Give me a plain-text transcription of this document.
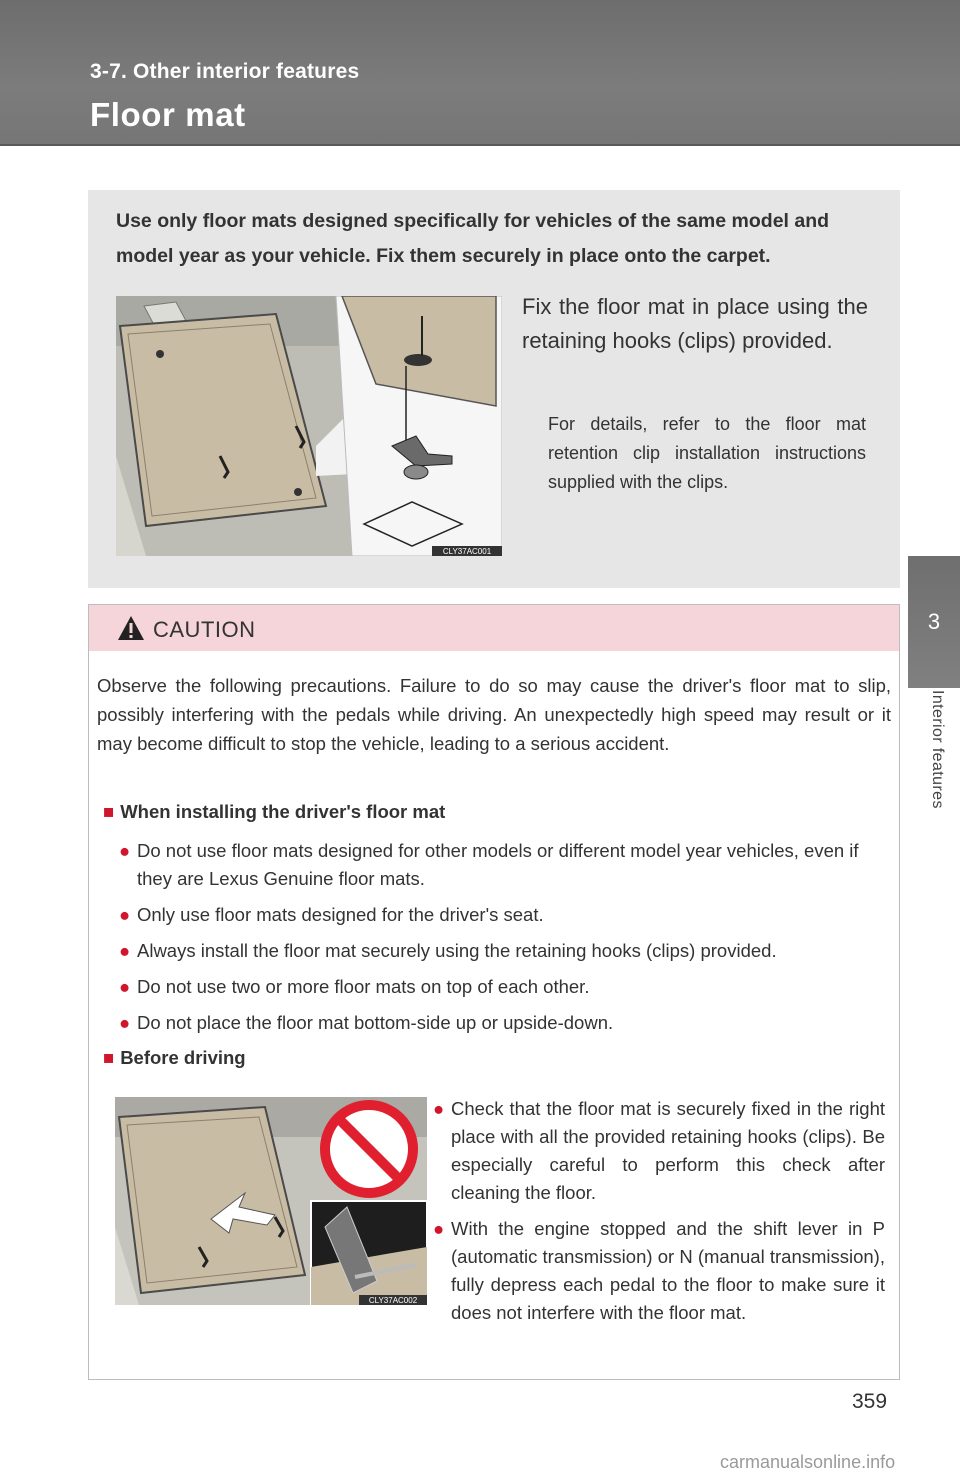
3-7. Other interior features
Floor mat
3
Interior features
Use only floor mats designed specifically for vehicles of the same model and model year as your vehicle. Fix them securely in place onto the carpet.
CLY37AC001
Fix the floor mat in place using the retaining hooks (clips) provided.
For details, refer to the floor mat retention clip installation instructions supplied with the clips.
CAUTION
Observe the following precautions. Failure to do so may cause the driver's floor mat to slip, possibly interfering with the pedals while driving. An unexpectedly high speed may result or it may become difficult to stop the vehicle, leading to a serious accident.
■ When installing the driver's floor mat
● Do not use floor mats designed for other models or different model year vehicles, even if they are Lexus Genuine floor mats.
● Only use floor mats designed for the driver's seat.
● Always install the floor mat securely using the retaining hooks (clips) provided.
● Do not use two or more floor mats on top of each other.
● Do not place the floor mat bottom-side up or upside-down.
■ Before driving
CLY37AC002
● Check that the floor mat is securely fixed in the right place with all the provided retaining hooks (clips). Be especially careful to perform this check after cleaning the floor.
● With the engine stopped and the shift lever in P (automatic transmission) or N (manual transmission), fully depress each pedal to the floor to make sure it does not interfere with the floor mat.
359
carmanualsonline.info
